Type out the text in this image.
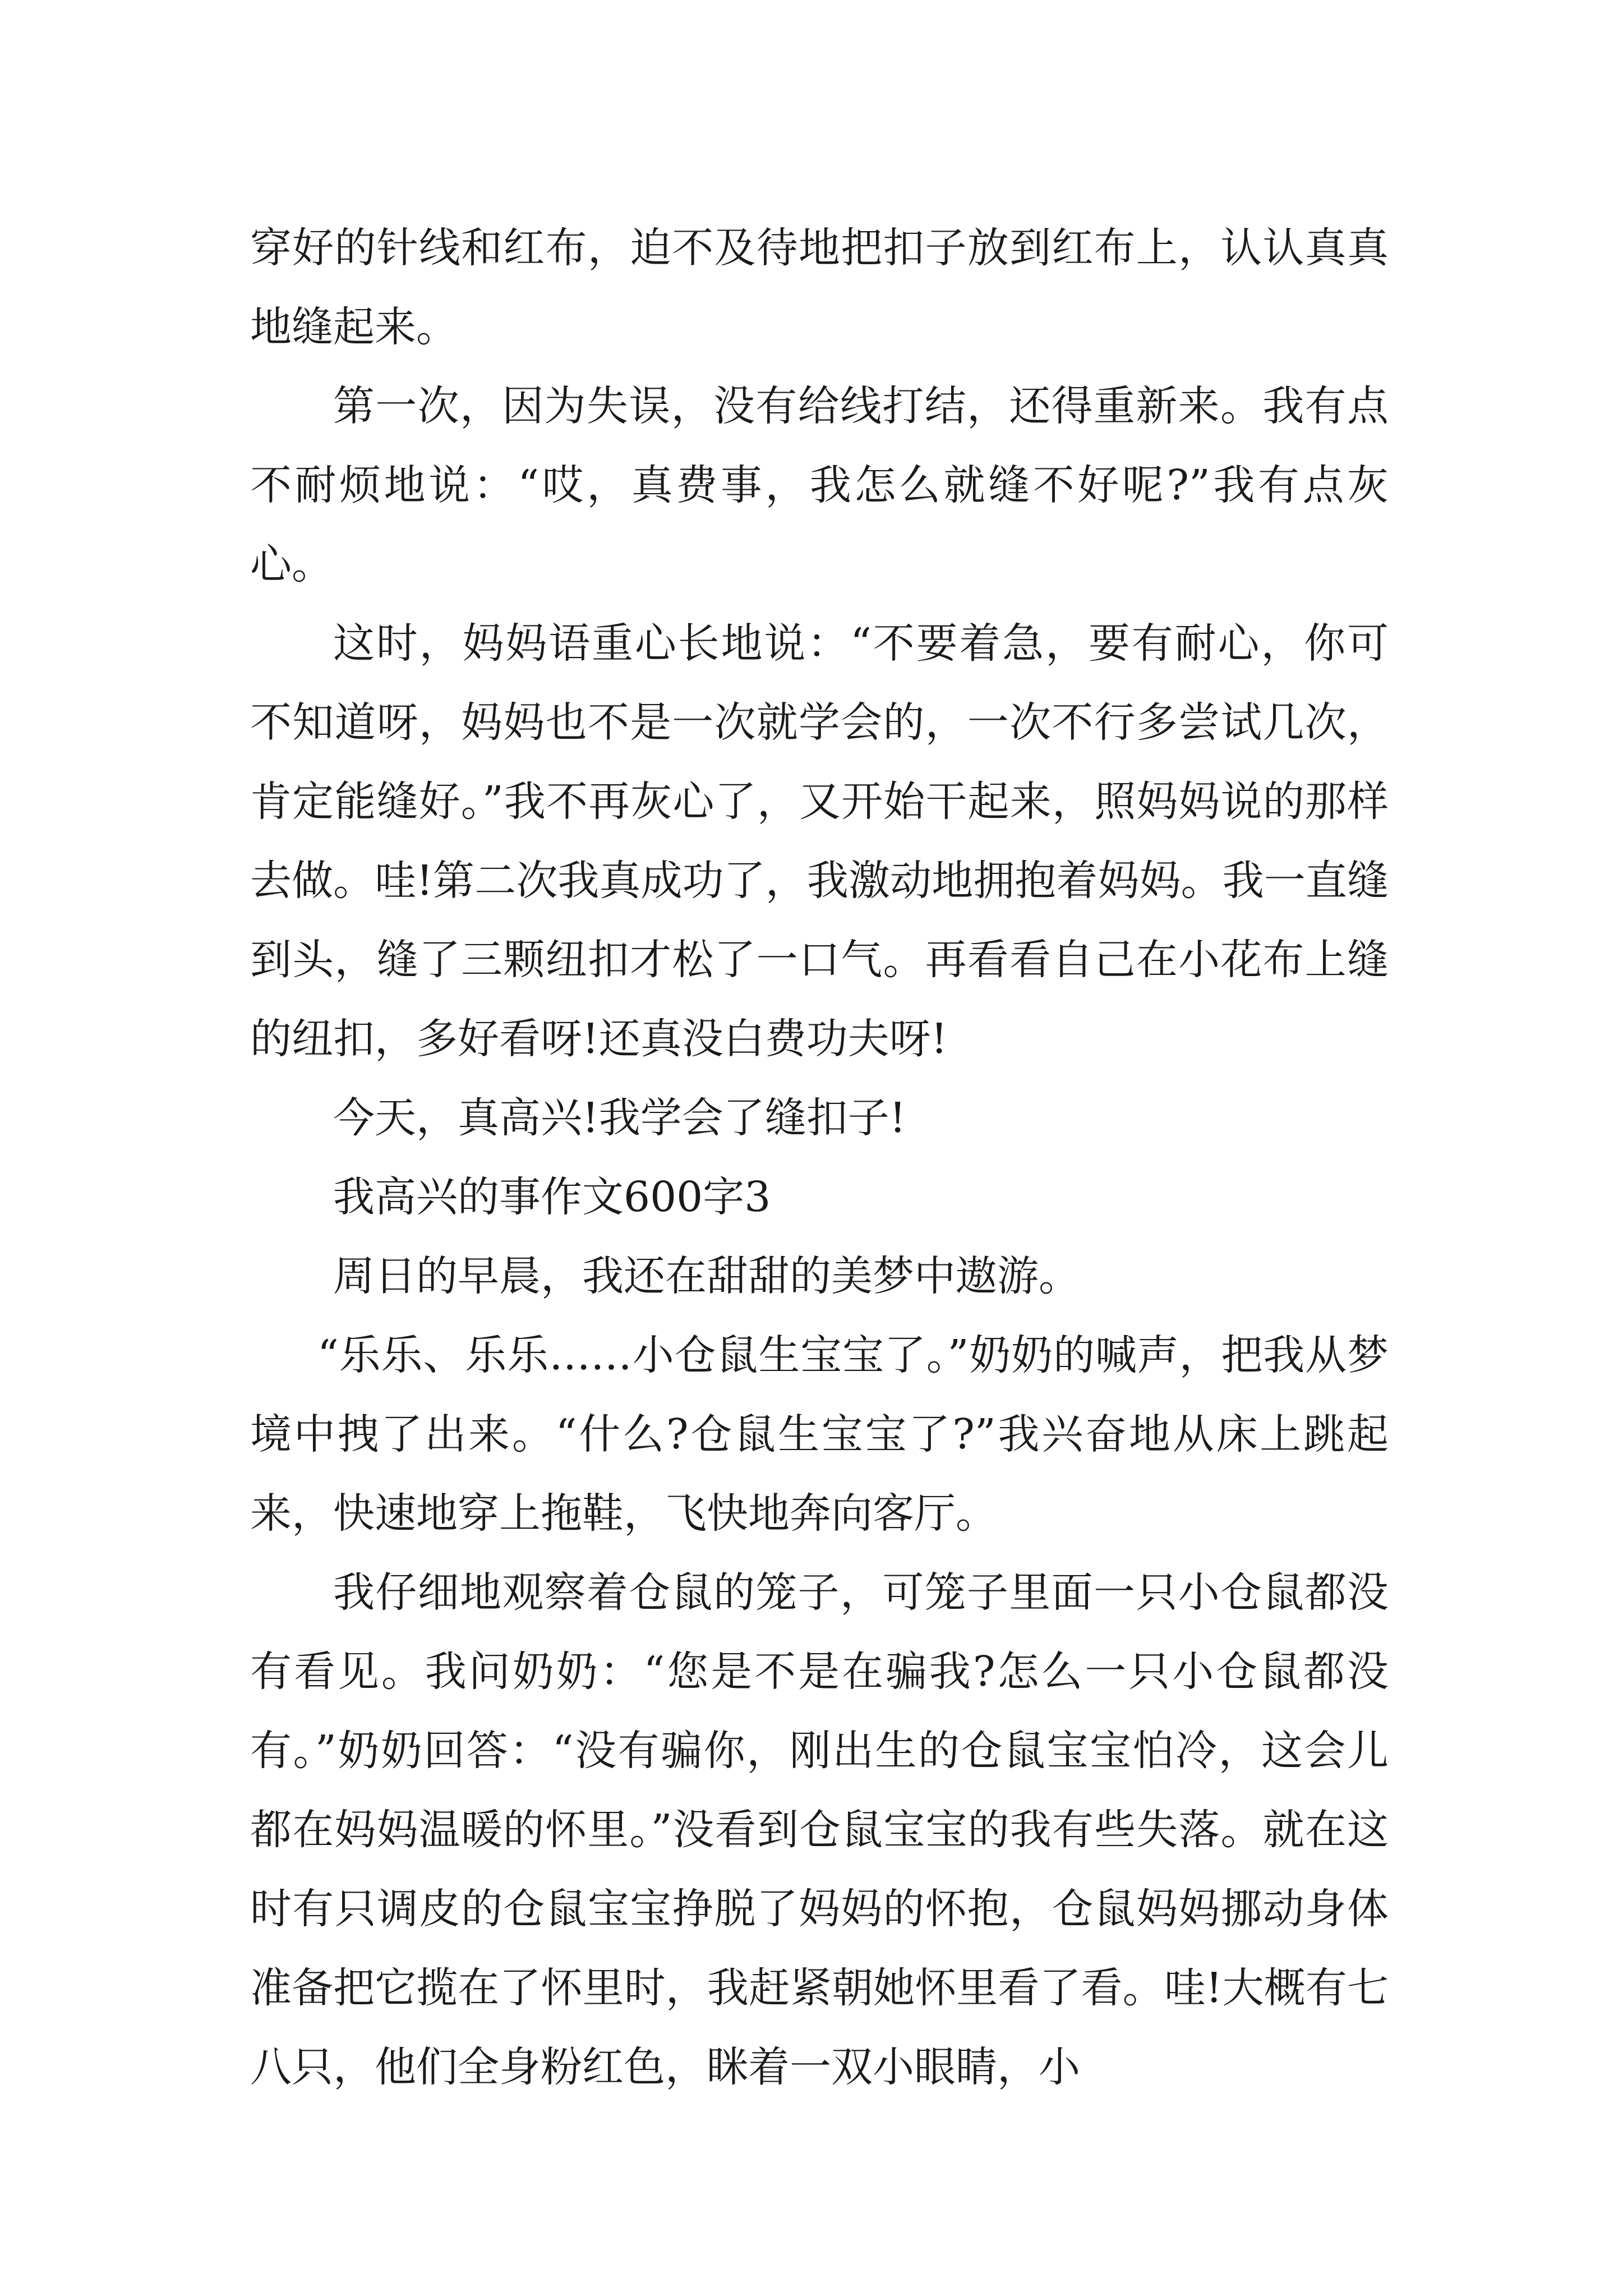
穿好的针线和红布，迫不及待地把扣子放到红布上，认认真真地缝起来。

第一次，因为失误，没有给线打结，还得重新来。我有点不耐烦地说：“哎，真费事，我怎么就缝不好呢?”我有点灰心。

这时，妈妈语重心长地说：“不要着急，要有耐心，你可不知道呀，妈妈也不是一次就学会的，一次不行多尝试几次，肯定能缝好。”我不再灰心了，又开始干起来，照妈妈说的那样去做。哇!第二次我真成功了，我激动地拥抱着妈妈。我一直缝到头，缝了三颗纽扣才松了一口气。再看看自己在小花布上缝的纽扣，多好看呀!还真没白费功夫呀!

今天，真高兴!我学会了缝扣子!

我高兴的事作文600字3

周日的早晨，我还在甜甜的美梦中遨游。

“乐乐、乐乐……小仓鼠生宝宝了。”奶奶的喊声，把我从梦境中拽了出来。“什么?仓鼠生宝宝了?”我兴奋地从床上跳起来，快速地穿上拖鞋，飞快地奔向客厅。

我仔细地观察着仓鼠的笼子，可笼子里面一只小仓鼠都没有看见。我问奶奶：“您是不是在骗我?怎么一只小仓鼠都没有。”奶奶回答：“没有骗你，刚出生的仓鼠宝宝怕冷，这会儿都在妈妈温暖的怀里。”没看到仓鼠宝宝的我有些失落。就在这时有只调皮的仓鼠宝宝挣脱了妈妈的怀抱，仓鼠妈妈挪动身体准备把它揽在了怀里时，我赶紧朝她怀里看了看。哇!大概有七八只，他们全身粉红色，眯着一双小眼睛，小
